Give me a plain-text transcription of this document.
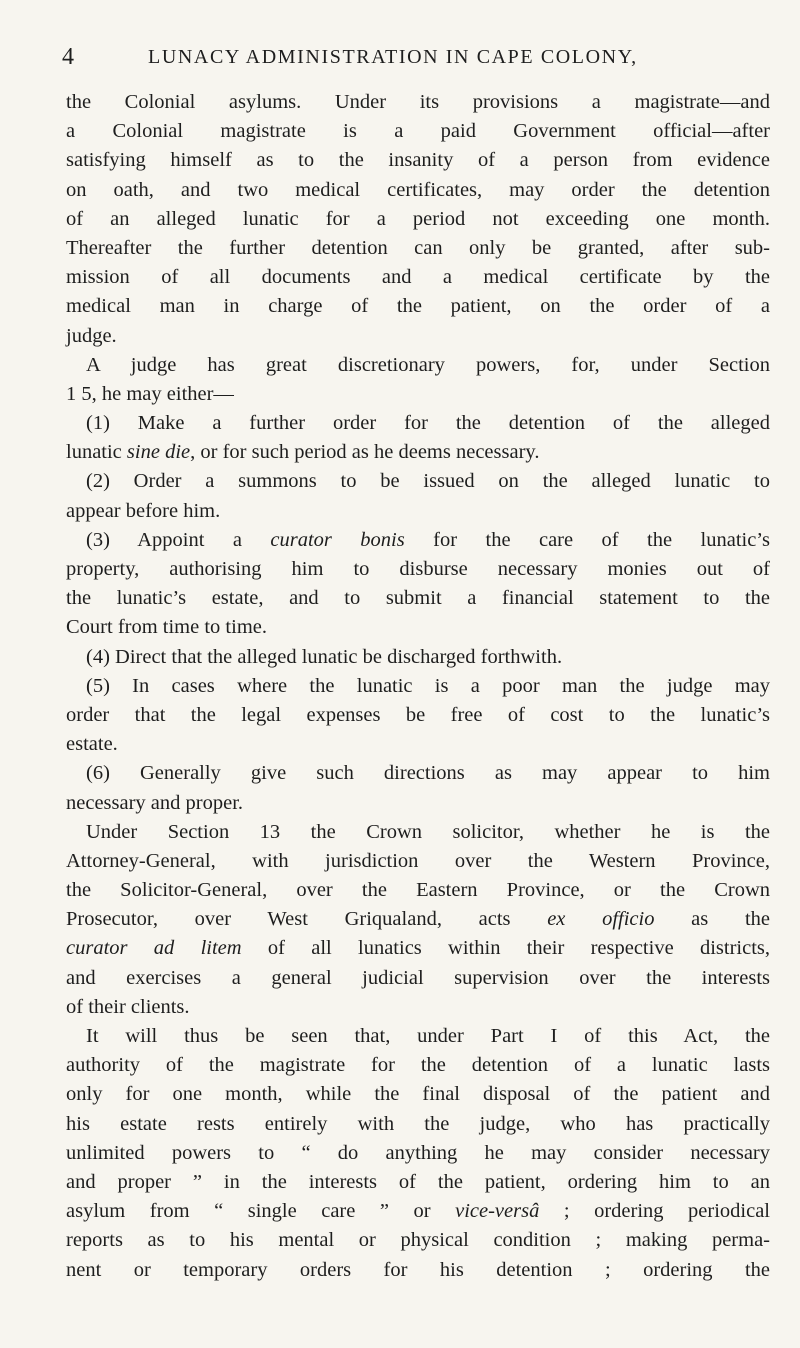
4	LUNACY ADMINISTRATION IN CAPE COLONY,
the Colonial asylums. Under its provisions a magistrate—and
a Colonial magistrate is a paid Government official—after
satisfying himself as to the insanity of a person from evidence
on oath, and two medical certificates, may order the detention
of an alleged lunatic for a period not exceeding one month.
Thereafter the further detention can only be granted, after sub-
mission of all documents and a medical certificate by the
medical man in charge of the patient, on the order of a
judge.
A judge has great discretionary powers, for, under Section
1 5, he may either—
(1) Make a further order for the detention of the alleged
lunatic sine die, or for such period as he deems necessary.
(2) Order a summons to be issued on the alleged lunatic to
appear before him.
(3) Appoint a curator bonis for the care of the lunatic’s
property, authorising him to disburse necessary monies out of
the lunatic’s estate, and to submit a financial statement to the
Court from time to time.
(4) Direct that the alleged lunatic be discharged forthwith.
(5) In cases where the lunatic is a poor man the judge may
order that the legal expenses be free of cost to the lunatic’s
estate.
(6) Generally give such directions as may appear to him
necessary and proper.
Under Section 13 the Crown solicitor, whether he is the
Attorney-General, with jurisdiction over the Western Province,
the Solicitor-General, over the Eastern Province, or the Crown
Prosecutor, over West Griqualand, acts ex officio as the
curator ad litem of all lunatics within their respective districts,
and exercises a general judicial supervision over the interests
of their clients.
It will thus be seen that, under Part I of this Act, the
authority of the magistrate for the detention of a lunatic lasts
only for one month, while the final disposal of the patient and
his estate rests entirely with the judge, who has practically
unlimited powers to “ do anything he may consider necessary
and proper ” in the interests of the patient, ordering him to an
asylum from “ single care ” or vice-versâ ; ordering periodical
reports as to his mental or physical condition ; making perma-
nent or temporary orders for his detention ; ordering the
